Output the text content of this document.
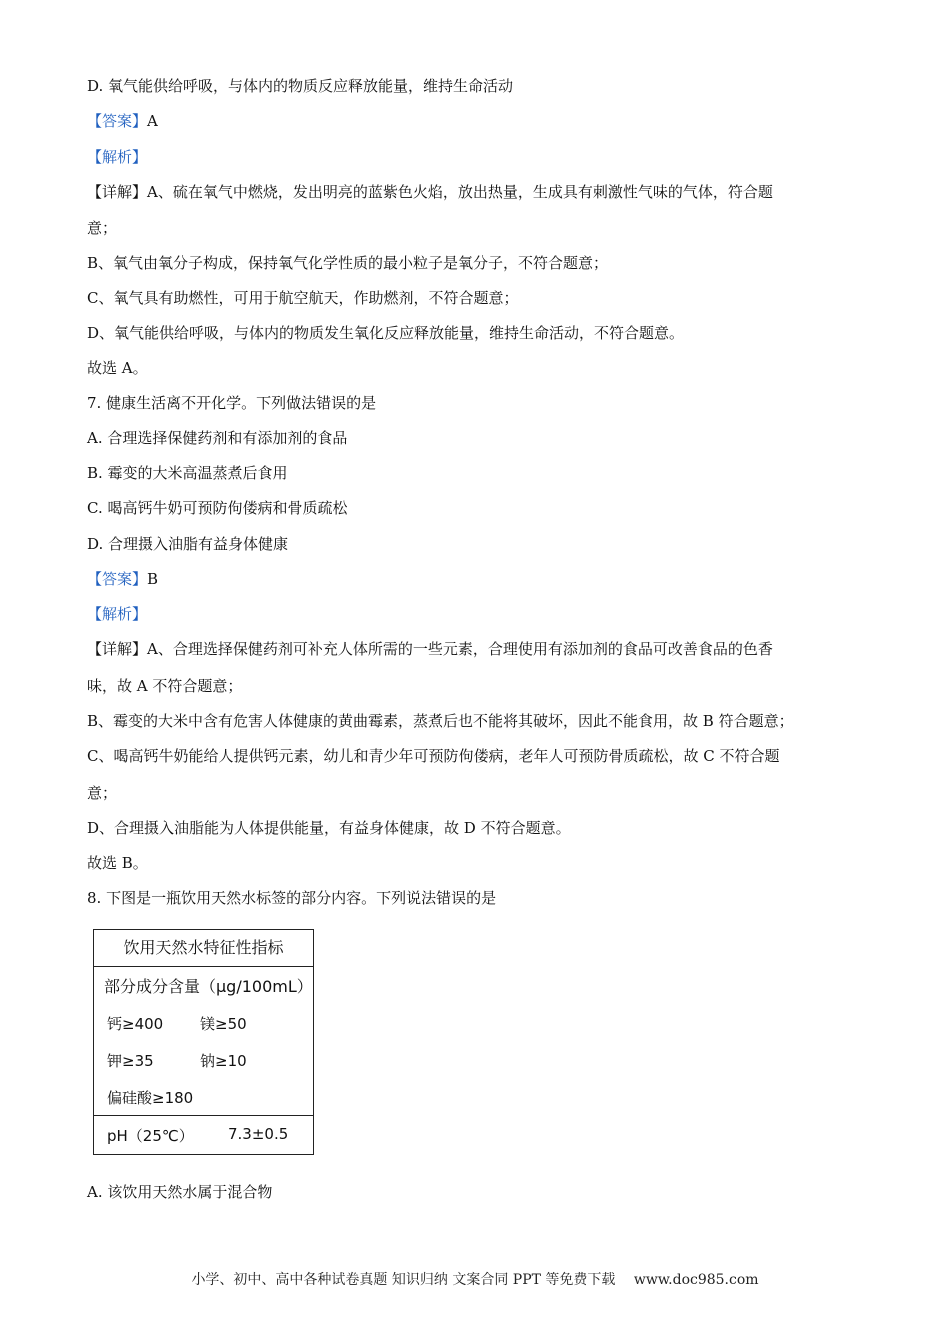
D. 氧气能供给呼吸，与体内的物质反应释放能量，维持生命活动
【答案】A
【解析】
【详解】A、硫在氧气中燃烧，发出明亮的蓝紫色火焰，放出热量，生成具有刺激性气味的气体，符合题
意；
B、氧气由氧分子构成，保持氧气化学性质的最小粒子是氧分子，不符合题意；
C、氧气具有助燃性，可用于航空航天，作助燃剂，不符合题意；
D、氧气能供给呼吸，与体内的物质发生氧化反应释放能量，维持生命活动，不符合题意。
故选 A。
7. 健康生活离不开化学。下列做法错误的是
A. 合理选择保健药剂和有添加剂的食品
B. 霉变的大米高温蒸煮后食用
C. 喝高钙牛奶可预防佝偻病和骨质疏松
D. 合理摄入油脂有益身体健康
【答案】B
【解析】
【详解】A、合理选择保健药剂可补充人体所需的一些元素，合理使用有添加剂的食品可改善食品的色香
味，故 A 不符合题意；
B、霉变的大米中含有危害人体健康的黄曲霉素，蒸煮后也不能将其破坏，因此不能食用，故 B 符合题意；
C、喝高钙牛奶能给人提供钙元素，幼儿和青少年可预防佝偻病，老年人可预防骨质疏松，故 C 不符合题
意；
D、合理摄入油脂能为人体提供能量，有益身体健康，故 D 不符合题意。
故选 B。
8. 下图是一瓶饮用天然水标签的部分内容。下列说法错误的是
饮用天然水特征性指标
部分成分含量（μg/100mL）
钙≥400 镁≥50
钾≥35	钠≥10
偏硅酸≥180
pH（25℃） 7.3±0.5
A. 该饮用天然水属于混合物
小学、初中、高中各种试卷真题 知识归纳 文案合同 PPT 等免费下载　 www.doc985.com
